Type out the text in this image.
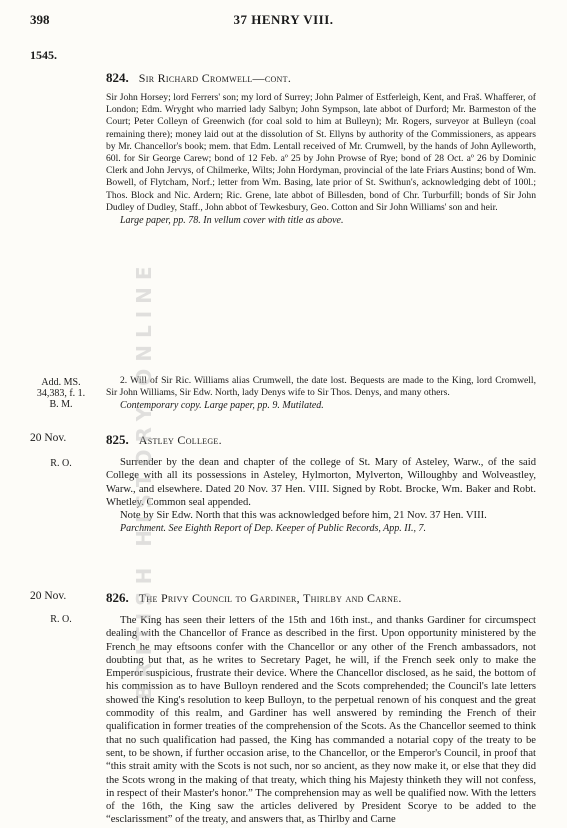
398	37 HENRY VIII.
1545.
824. Sir Richard Cromwell—cont.

Sir John Horsey; lord Ferrers' son; my lord of Surrey; John Palmer of Estferleigh, Kent, and Fraš. Whafferer, of London; Edm. Wryght who married lady Salbyn; John Sympson, late abbot of Durford; Mr. Barmeston of the Court; Peter Colleyn of Greenwich (for coal sold to him at Bulleyn); Mr. Rogers, surveyor at Bulleyn (coal remaining there); money laid out at the dissolution of St. Ellyns by authority of the Commissioners, as appears by Mr. Chancellor's book; mem. that Edm. Lentall received of Mr. Crumwell, by the hands of John Aylleworth, 60l. for Sir George Carew; bond of 12 Feb. aº 25 by John Prowse of Rye; bond of 28 Oct. aº 26 by Dominic Clerk and John Jervys, of Chilmerke, Wilts; John Hordyman, provincial of the late Friars Austins; bond of Wm. Bowell, of Flytcham, Norf.; letter from Wm. Basing, late prior of St. Swithun's, acknowledging debt of 100l.; Thos. Block and Nic. Ardern; Ric. Grene, late abbot of Billesden, bond of Chr. Turburfill; bonds of Sir John Dudley of Dudley, Staff., John abbot of Tewkesbury, Geo. Cotton and Sir John Williams' son and heir.

Large paper, pp. 78. In vellum cover with title as above.

Add. MS.
34,383, f. 1.
B. M.

2. Will of Sir Ric. Williams alias Crumwell, the date lost. Bequests are made to the King, lord Cromwell, Sir John Williams, Sir Edw. North, lady Denys wife to Sir Thos. Denys, and many others.

Contemporary copy. Large paper, pp. 9. Mutilated.

20 Nov.
R. O.
825. Astley College.

Surrender by the dean and chapter of the college of St. Mary of Asteley, Warw., of the said College with all its possessions in Asteley, Hylmorton, Mylverton, Willoughby and Wolveastley, Warw., and elsewhere. Dated 20 Nov. 37 Hen. VIII. Signed by Robt. Brocke, Wm. Baker and Robt. Whetley. Common seal appended.

Note by Sir Edw. North that this was acknowledged before him, 21 Nov. 37 Hen. VIII.

Parchment. See Eighth Report of Dep. Keeper of Public Records, App. II., 7.

20 Nov.
R. O.
826. The Privy Council to Gardiner, Thirlby and Carne.

The King has seen their letters of the 15th and 16th inst., and thanks Gardiner for circumspect dealing with the Chancellor of France as described in the first. Upon opportunity ministered by the French he may eftsoons confer with the Chancellor or any other of the French ambassadors, not doubting but that, as he writes to Secretary Paget, he will, if the French seek only to make the Emperor suspicious, frustrate their device. Where the Chancellor disclosed, as he said, the bottom of his commission as to have Bulloyn rendered and the Scots comprehended; the Council's late letters showed the King's resolution to keep Bulloyn, to the perpetual renown of his conquest and the great commodity of this realm, and Gardiner has well answered by reminding the French of their qualification in former treaties of the comprehension of the Scots. As the Chancellor seemed to think that no such qualification had passed, the King has commanded a notarial copy of the treaty to be sent, to be shown, if further occasion arise, to the Chancellor, or the Emperor's Council, in proof that “this strait amity with the Scots is not such, nor so ancient, as they now make it, or else that they did the Scots wrong in the making of that treaty, which thing his Majesty thinketh they will not confess, in respect of their Master's honor.” The comprehension may as well be qualified now. With the letters of the 16th, the King saw the articles delivered by President Scorye to be added to the “esclarissment” of the treaty, and answers that, as Thirlby and Carne

BRITISH HISTORY ONLINE
